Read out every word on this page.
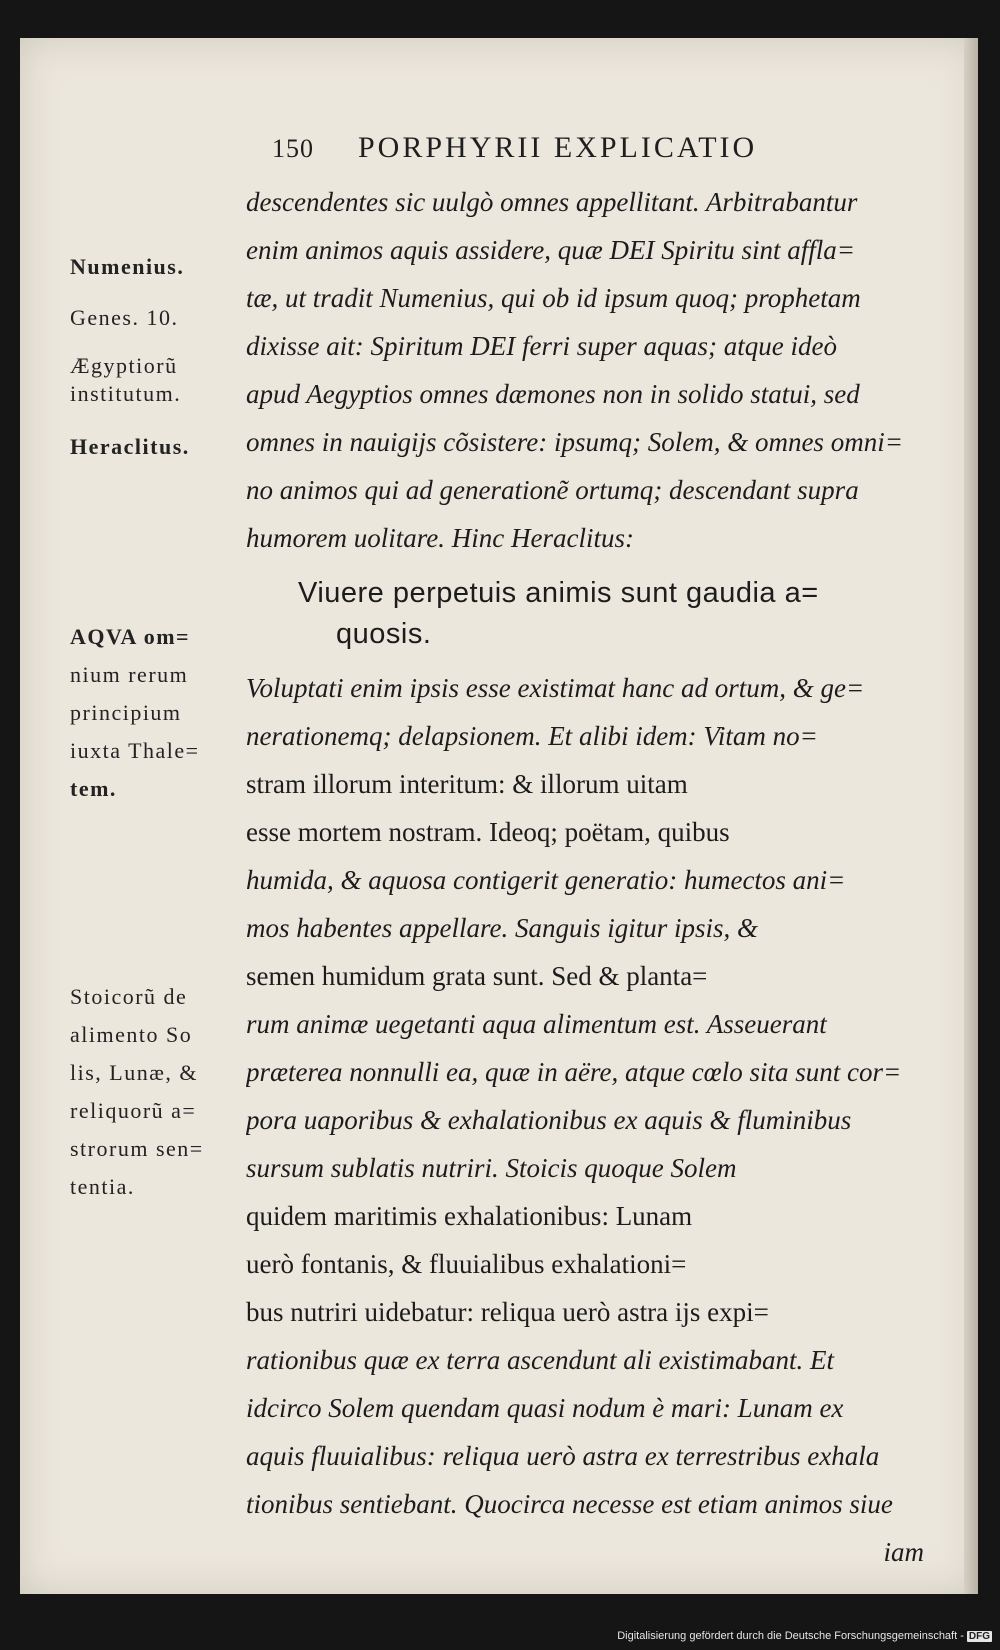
150 PORPHYRII EXPLICATIO
Numenius.
Genes. 10.
Ægyptiorũ
institutum.
Heraclitus.
AQVA om=
nium rerum
principium
iuxta Thale=
tem.
Stoicorũ de
alimento So
lis, Lunæ, &
reliquorũ a=
strorum sen=
tentia.
descendentes sic uulgò omnes appellitant. Arbitrabantur
enim animos aquis assidere, quæ DEI Spiritu sint affla=
tæ, ut tradit Numenius, qui ob id ipsum quoq; prophetam
dixisse ait: Spiritum DEI ferri super aquas; atque ideò
apud Aegyptios omnes dæmones non in solido statui, sed
omnes in nauigijs cõsistere: ipsumq; Solem, & omnes omni=
no animos qui ad generationẽ ortumq; descendant supra
humorem uolitare. Hinc Heraclitus:
Viuere perpetuis animis sunt gaudia a=
quosis.
Voluptati enim ipsis esse existimat hanc ad ortum, & ge=
nerationemq; delapsionem. Et alibi idem: Vitam no=
stram illorum interitum: & illorum uitam
esse mortem nostram. Ideoq; poëtam, quibus
humida, & aquosa contigerit generatio: humectos ani=
mos habentes appellare. Sanguis igitur ipsis, &
semen humidum grata sunt. Sed & planta=
rum animæ uegetanti aqua alimentum est. Asseuerant
præterea nonnulli ea, quæ in aëre, atque cœlo sita sunt cor=
pora uaporibus & exhalationibus ex aquis & fluminibus
sursum sublatis nutriri. Stoicis quoque Solem
quidem maritimis exhalationibus: Lunam
uerò fontanis, & fluuialibus exhalationi=
bus nutriri uidebatur: reliqua uerò astra ijs expi=
rationibus quæ ex terra ascendunt ali existimabant. Et
idcirco Solem quendam quasi nodum è mari: Lunam ex
aquis fluuialibus: reliqua uerò astra ex terrestribus exhala
tionibus sentiebant. Quocirca necesse est etiam animos siue
iam
Digitalisierung gefördert durch die Deutsche Forschungsgemeinschaft - DFG
